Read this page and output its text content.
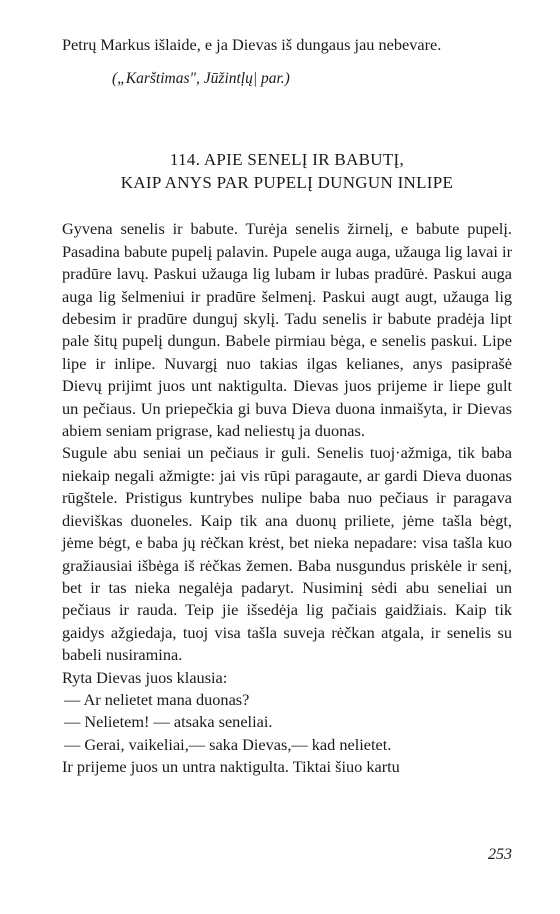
Petrų Markus išlaide, e ja Dievas iš dungaus jau nebevare.

(„Karštimas", Jūžintļų| par.)

114. APIE SENELĮ IR BABUTĮ,
KAIP ANYS PAR PUPELĮ DUNGUN INLIPE

Gyvena senelis ir babute. Turėja senelis žirnelį, e babute pupelį. Pasadina babute pupelį palavin. Pupele auga auga, užauga lig lavai ir pradūre lavų. Paskui užauga lig lubam ir lubas pradūrė. Paskui auga auga lig šelmeniui ir pradūre šelmenį. Paskui augt augt, užauga lig debesim ir pradūre dunguj skylį. Tadu senelis ir babute pradėja lipt pale šitų pupelį dungun. Babele pirmiau bėga, e senelis paskui. Lipe lipe ir inlipe. Nuvargį nuo takias ilgas kelianes, anys pasiprašė Dievų prijimt juos unt naktigulta. Dievas juos prijeme ir liepe gult un pečiaus. Un priepečkia gi buva Dieva duona inmaišyta, ir Dievas abiem seniam prigrase, kad neliestų ja duonas.

Sugule abu seniai un pečiaus ir guli. Senelis tuoj·ažmiga, tik baba niekaip negali ažmigte: jai vis rūpi paragaute, ar gardi Dieva duonas rūgštele. Pristigus kuntrybes nulipe baba nuo pečiaus ir paragava dieviškas duoneles. Kaip tik ana duonų priliete, jėme tašla bėgt, jėme bėgt, e baba jų rėčkan krėst, bet nieka nepadare: visa tašla kuo gražiausiai išbėga iš rėčkas žemen. Baba nusgundus priskėle ir senį, bet ir tas nieka negalėja padaryt. Nusiminį sėdi abu seneliai un pečiaus ir rauda. Teip jie išsedėja lig pačiais gaidžiais. Kaip tik gaidys ažgiedaja, tuoj visa tašla suveja rėčkan atgala, ir senelis su babeli nusiramina.

Ryta Dievas juos klausia:

— Ar nelietet mana duonas?

— Nelietem! — atsaka seneliai.

— Gerai, vaikeliai,— saka Dievas,— kad nelietet.

Ir prijeme juos un untra naktigulta. Tiktai šiuo kartu

253
